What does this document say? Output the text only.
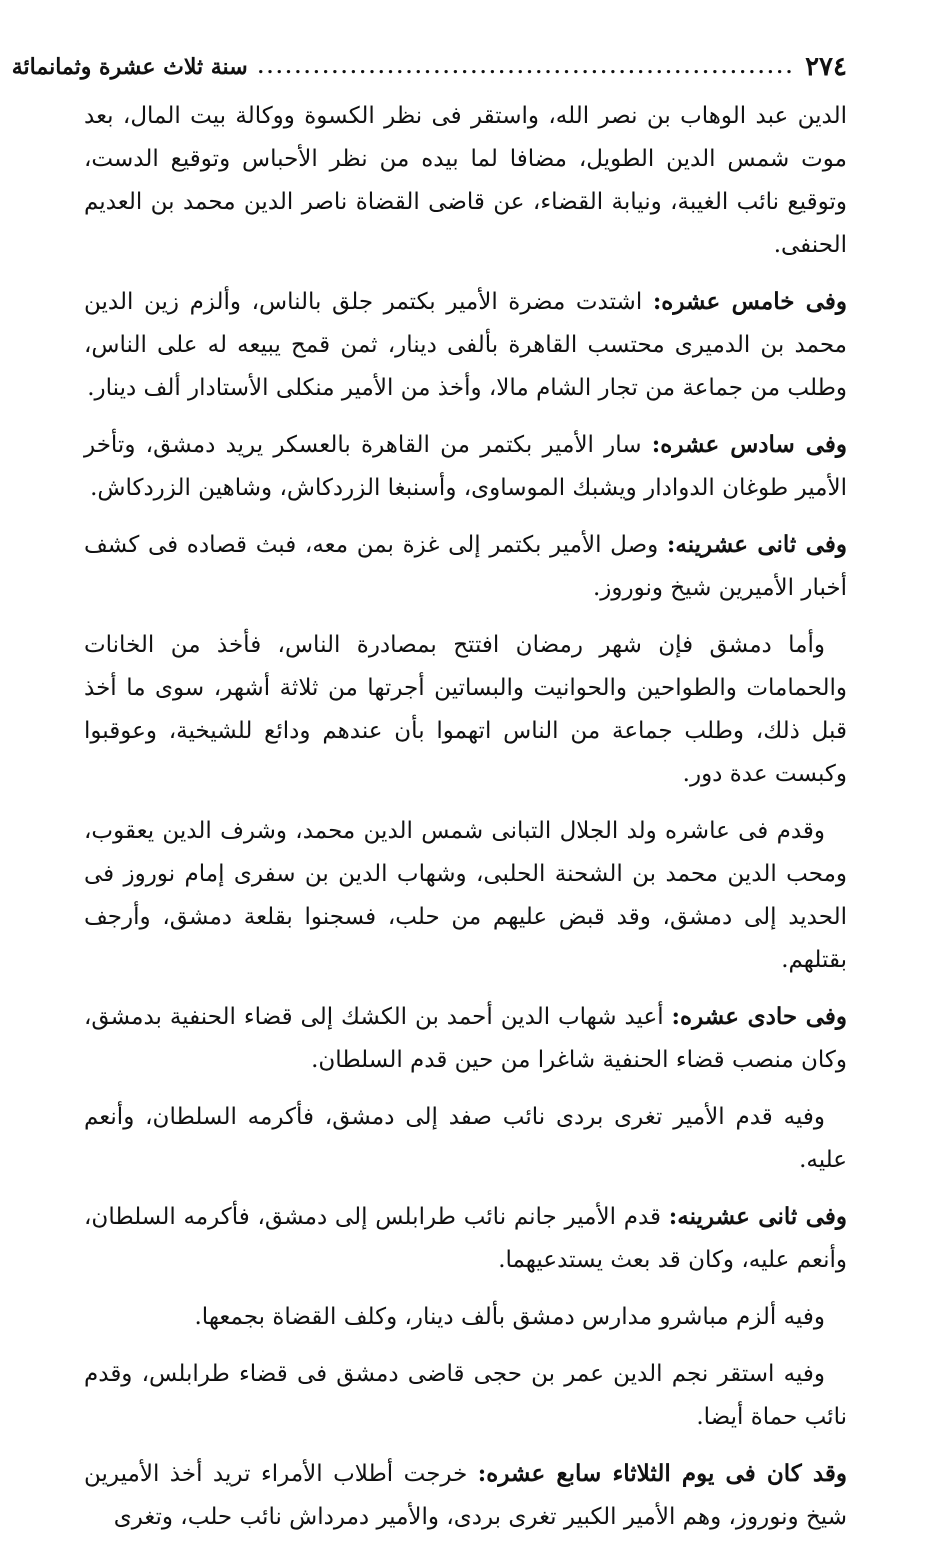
٢٧٤
..........................................................
سنة ثلاث عشرة وثمانمائة

الدين عبد الوهاب بن نصر الله، واستقر فى نظر الكسوة ووكالة بيت المال، بعد موت شمس الدين الطويل، مضافا لما بيده من نظر الأحباس وتوقيع الدست، وتوقيع نائب الغيبة، ونيابة القضاء، عن قاضى القضاة ناصر الدين محمد بن العديم الحنفى.

وفى خامس عشره: اشتدت مضرة الأمير بكتمر جلق بالناس، وألزم زين الدين محمد بن الدميرى محتسب القاهرة بألفى دينار، ثمن قمح يبيعه له على الناس، وطلب من جماعة من تجار الشام مالا، وأخذ من الأمير منكلى الأستادار ألف دينار.

وفى سادس عشره: سار الأمير بكتمر من القاهرة بالعسكر يريد دمشق، وتأخر الأمير طوغان الدوادار ويشبك الموساوى، وأسنبغا الزردكاش، وشاهين الزردكاش.

وفى ثانى عشرينه: وصل الأمير بكتمر إلى غزة بمن معه، فبث قصاده فى كشف أخبار الأميرين شيخ ونوروز.

وأما دمشق فإن شهر رمضان افتتح بمصادرة الناس، فأخذ من الخانات والحمامات والطواحين والحوانيت والبساتين أجرتها من ثلاثة أشهر، سوى ما أخذ قبل ذلك، وطلب جماعة من الناس اتهموا بأن عندهم ودائع للشيخية، وعوقبوا وكبست عدة دور.

وقدم فى عاشره ولد الجلال التبانى شمس الدين محمد، وشرف الدين يعقوب، ومحب الدين محمد بن الشحنة الحلبى، وشهاب الدين بن سفرى إمام نوروز فى الحديد إلى دمشق، وقد قبض عليهم من حلب، فسجنوا بقلعة دمشق، وأرجف بقتلهم.

وفى حادى عشره: أعيد شهاب الدين أحمد بن الكشك إلى قضاء الحنفية بدمشق، وكان منصب قضاء الحنفية شاغرا من حين قدم السلطان.

وفيه قدم الأمير تغرى بردى نائب صفد إلى دمشق، فأكرمه السلطان، وأنعم عليه.

وفى ثانى عشرينه: قدم الأمير جانم نائب طرابلس إلى دمشق، فأكرمه السلطان، وأنعم عليه، وكان قد بعث يستدعيهما.

وفيه ألزم مباشرو مدارس دمشق بألف دينار، وكلف القضاة بجمعها.

وفيه استقر نجم الدين عمر بن حجى قاضى دمشق فى قضاء طرابلس، وقدم نائب حماة أيضا.

وقد كان فى يوم الثلاثاء سابع عشره: خرجت أطلاب الأمراء تريد أخذ الأميرين شيخ ونوروز، وهم الأمير الكبير تغرى بردى، والأمير دمرداش نائب حلب، وتغرى
